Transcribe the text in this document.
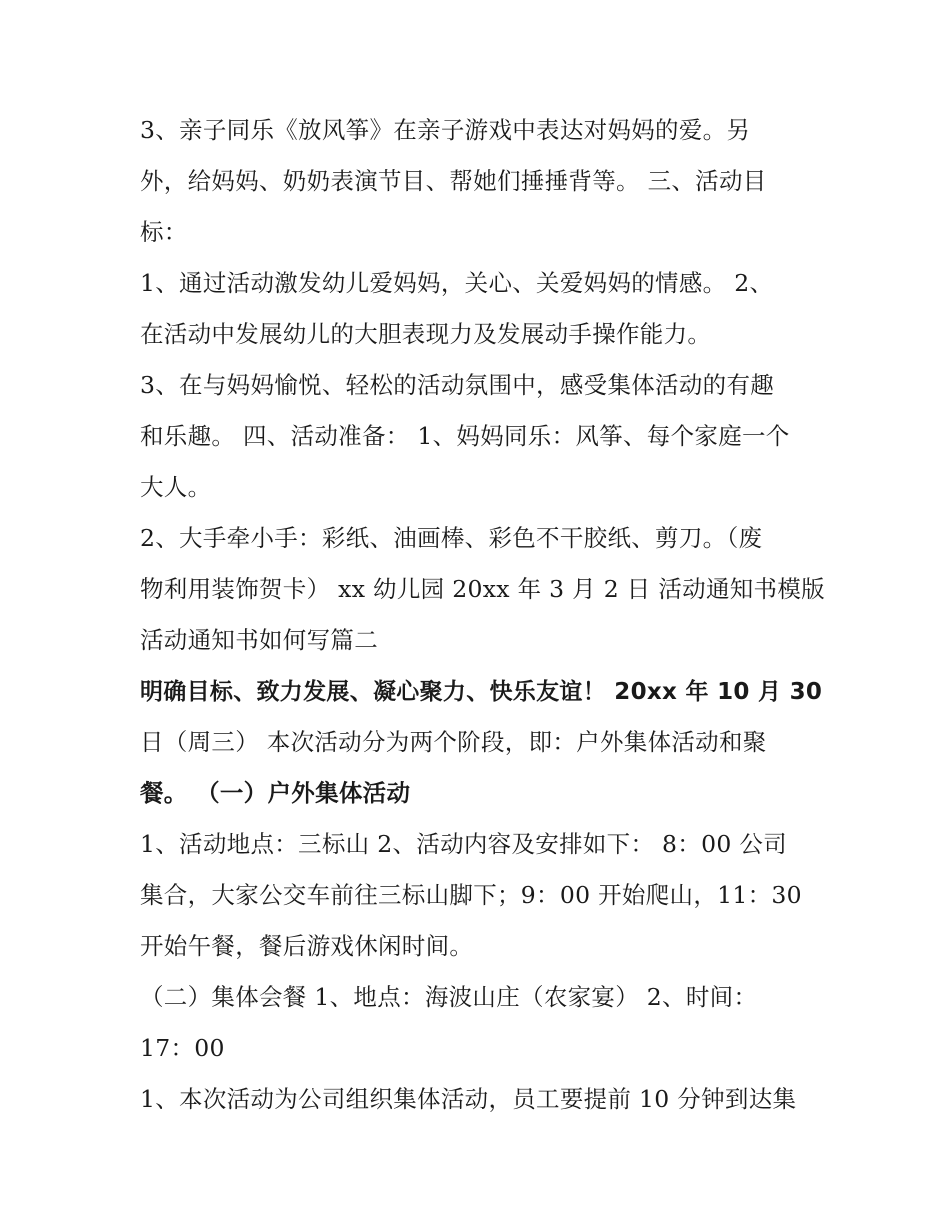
3、亲子同乐《放风筝》在亲子游戏中表达对妈妈的爱。另
外，给妈妈、奶奶表演节目、帮她们捶捶背等。 三、活动目
标：
1、通过活动激发幼儿爱妈妈，关心、关爱妈妈的情感。 2、
在活动中发展幼儿的大胆表现力及发展动手操作能力。
3、在与妈妈愉悦、轻松的活动氛围中，感受集体活动的有趣
和乐趣。 四、活动准备： 1、妈妈同乐：风筝、每个家庭一个
大人。
2、大手牵小手：彩纸、油画棒、彩色不干胶纸、剪刀。（废
物利用装饰贺卡） xx 幼儿园 20xx 年 3 月 2 日 活动通知书模版
活动通知书如何写篇二
明确目标、致力发展、凝心聚力、快乐友谊！ 20xx 年 10 月 30
日（周三） 本次活动分为两个阶段，即：户外集体活动和聚
餐。 （一）户外集体活动
1、活动地点：三标山 2、活动内容及安排如下： 8：00 公司
集合，大家公交车前往三标山脚下；9：00 开始爬山，11：30
开始午餐，餐后游戏休闲时间。
（二）集体会餐 1、地点：海波山庄（农家宴） 2、时间：
17：00
1、本次活动为公司组织集体活动，员工要提前 10 分钟到达集
